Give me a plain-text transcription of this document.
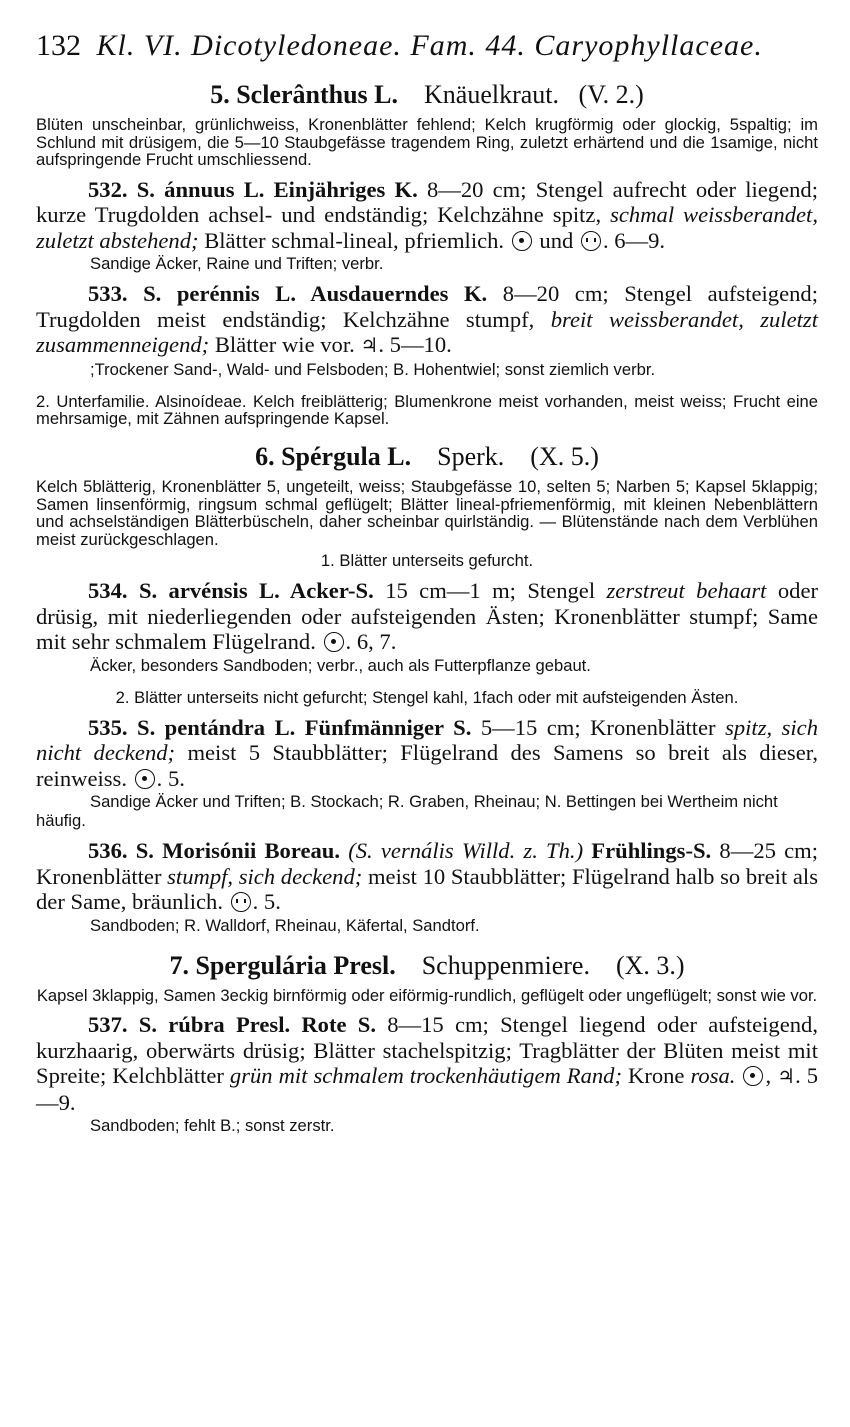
132 Kl. VI. Dicotyledoneae. Fam. 44. Caryophyllaceae.
5. Sclerânthus L. Knäuelkraut. (V. 2.)
Blüten unscheinbar, grünlichweiss, Kronenblätter fehlend; Kelch krugförmig oder glockig, 5spaltig; im Schlund mit drüsigem, die 5—10 Staubgefässe tragendem Ring, zuletzt erhärtend und die 1samige, nicht aufspringende Frucht umschliessend.
532. S. ánnuus L. Einjähriges K. 8—20 cm; Stengel aufrecht oder liegend; kurze Trugdolden achsel- und endständig; Kelchzähne spitz, schmal weissberandet, zuletzt abstehend; Blätter schmal-lineal, pfriemlich. und . 6—9.
Sandige Äcker, Raine und Triften; verbr.
533. S. perénnis L. Ausdauerndes K. 8—20 cm; Stengel aufsteigend; Trugdolden meist endständig; Kelchzähne stumpf, breit weissberandet, zuletzt zusammenneigend; Blätter wie vor. ♃. 5—10.
;Trockener Sand-, Wald- und Felsboden; B. Hohentwiel; sonst ziemlich verbr.
2. Unterfamilie. Alsinoídeae. Kelch freiblätterig; Blumenkrone meist vorhanden, meist weiss; Frucht eine mehrsamige, mit Zähnen aufspringende Kapsel.
6. Spérgula L. Sperk. (X. 5.)
Kelch 5blätterig, Kronenblätter 5, ungeteilt, weiss; Staubgefässe 10, selten 5; Narben 5; Kapsel 5klappig; Samen linsenförmig, ringsum schmal geflügelt; Blätter lineal-pfriemenförmig, mit kleinen Nebenblättern und achselständigen Blätterbüscheln, daher scheinbar quirlständig. — Blütenstände nach dem Verblühen meist zurückgeschlagen.
1. Blätter unterseits gefurcht.
534. S. arvénsis L. Acker-S. 15 cm—1 m; Stengel zerstreut behaart oder drüsig, mit niederliegenden oder aufsteigenden Ästen; Kronenblätter stumpf; Same mit sehr schmalem Flügelrand. . 6, 7.
Äcker, besonders Sandboden; verbr., auch als Futterpflanze gebaut.
2. Blätter unterseits nicht gefurcht; Stengel kahl, 1fach oder mit aufsteigenden Ästen.
535. S. pentándra L. Fünfmänniger S. 5—15 cm; Kronenblätter spitz, sich nicht deckend; meist 5 Staubblätter; Flügelrand des Samens so breit als dieser, reinweiss. . 5.
Sandige Äcker und Triften; B. Stockach; R. Graben, Rheinau; N. Bettingen bei Wertheim nicht häufig.
536. S. Morisónii Boreau. (S. vernális Willd. z. Th.) Frühlings-S. 8—25 cm; Kronenblätter stumpf, sich deckend; meist 10 Staubblätter; Flügelrand halb so breit als der Same, bräunlich. . 5.
Sandboden; R. Walldorf, Rheinau, Käfertal, Sandtorf.
7. Spergulária Presl. Schuppenmiere. (X. 3.)
Kapsel 3klappig, Samen 3eckig birnförmig oder eiförmig-rundlich, geflügelt oder ungeflügelt; sonst wie vor.
537. S. rúbra Presl. Rote S. 8—15 cm; Stengel liegend oder aufsteigend, kurzhaarig, oberwärts drüsig; Blätter stachelspitzig; Tragblätter der Blüten meist mit Spreite; Kelchblätter grün mit schmalem trockenhäutigem Rand; Krone rosa. , ♃. 5—9.
Sandboden; fehlt B.; sonst zerstr.
